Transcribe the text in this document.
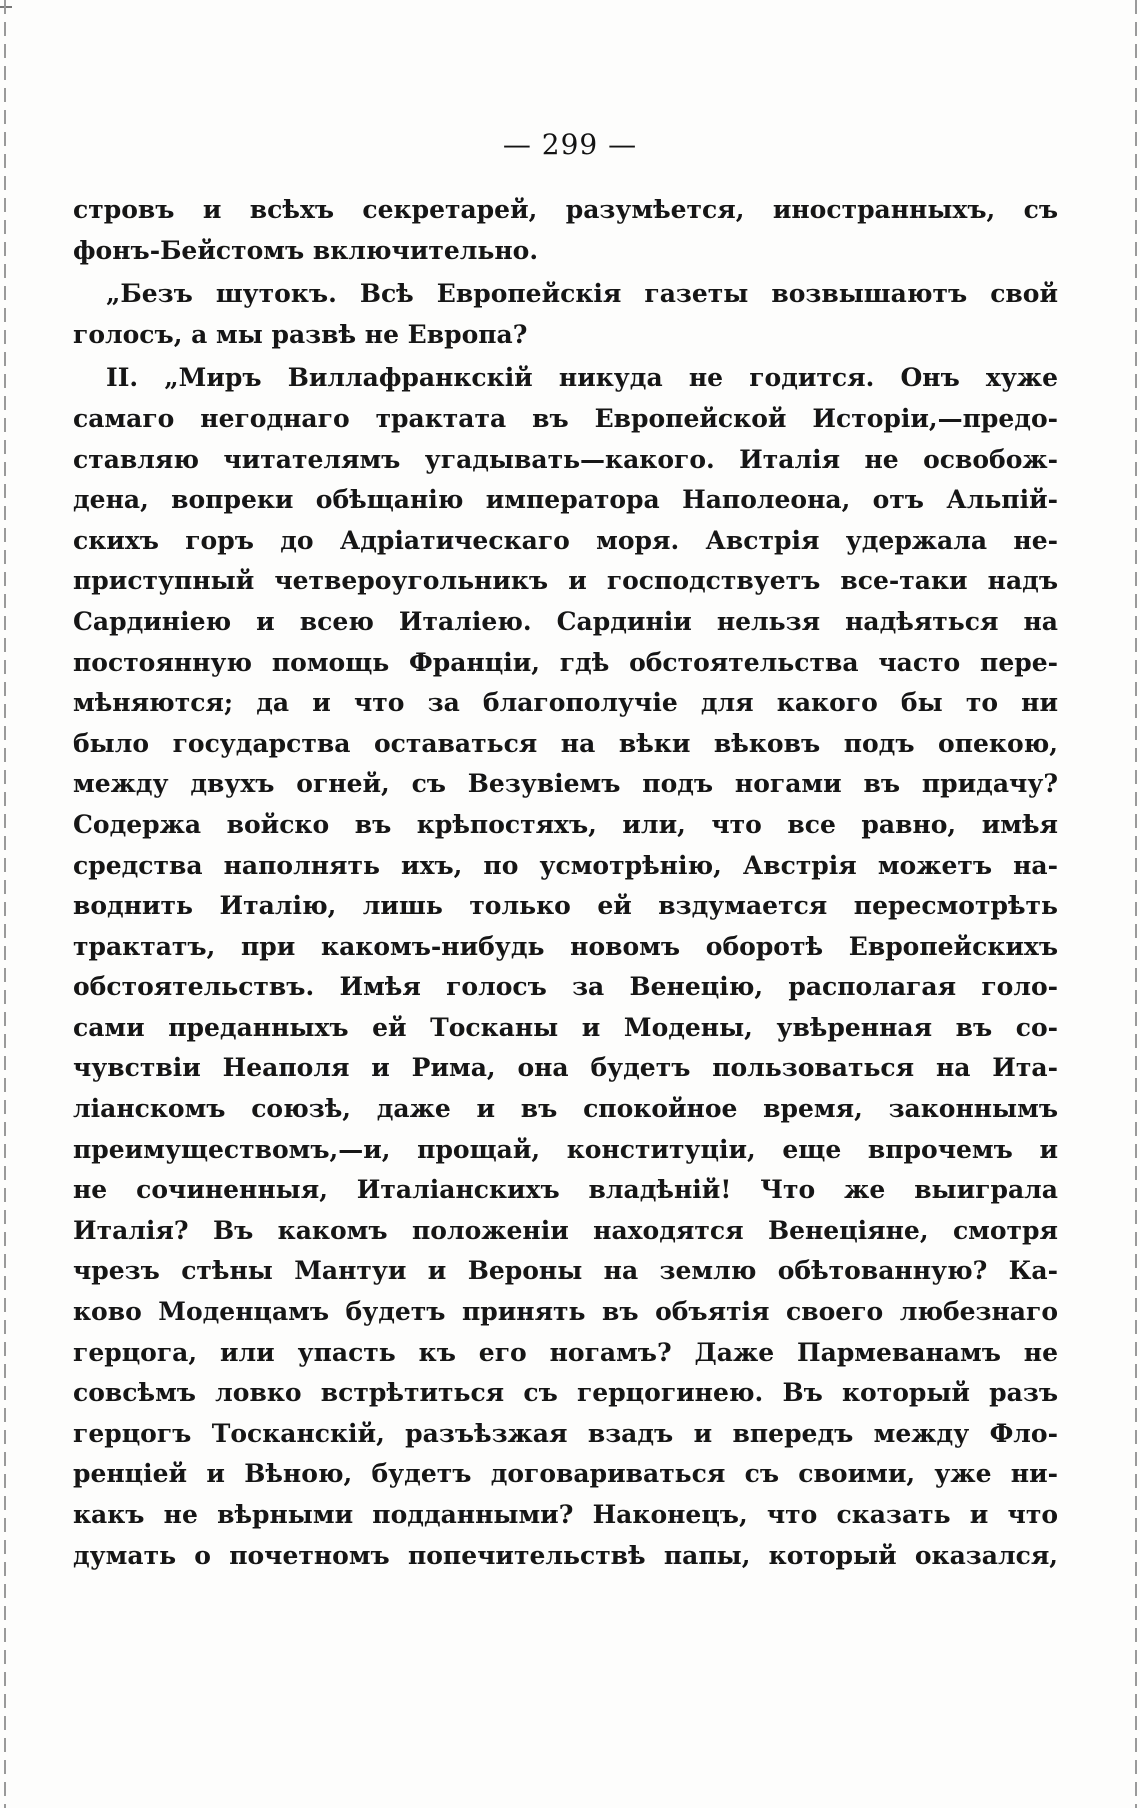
— 299 —
стровъ и всѣхъ секретарей, разумѣется, иностранныхъ, съ
фонъ-Бейстомъ включительно.
„Безъ шутокъ. Всѣ Европейскія газеты возвышаютъ свой
голосъ, а мы развѣ не Европа?
II. „Миръ Виллафранкскій никуда не годится. Онъ хуже
самаго негоднаго трактата въ Европейской Исторіи,—предо-
ставляю читателямъ угадывать—какого. Италія не освобож-
дена, вопреки обѣщанію императора Наполеона, отъ Альпій-
скихъ горъ до Адріатическаго моря. Австрія удержала не-
приступный четвероугольникъ и господствуетъ все-таки надъ
Сардиніею и всею Италіею. Сардиніи нельзя надѣяться на
постоянную помощь Франціи, гдѣ обстоятельства часто пере-
мѣняются; да и что за благополучіе для какого бы то ни
было государства оставаться на вѣки вѣковъ подъ опекою,
между двухъ огней, съ Везувіемъ подъ ногами въ придачу?
Содержа войско въ крѣпостяхъ, или, что все равно, имѣя
средства наполнять ихъ, по усмотрѣнію, Австрія можетъ на-
воднить Италію, лишь только ей вздумается пересмотрѣть
трактатъ, при какомъ-нибудь новомъ оборотѣ Европейскихъ
обстоятельствъ. Имѣя голосъ за Венецію, располагая голо-
сами преданныхъ ей Тосканы и Модены, увѣренная въ со-
чувствіи Неаполя и Рима, она будетъ пользоваться на Ита-
ліанскомъ союзѣ, даже и въ спокойное время, законнымъ
преимуществомъ,—и, прощай, конституціи, еще впрочемъ и
не сочиненныя, Италіанскихъ владѣній! Что же выиграла
Италія? Въ какомъ положеніи находятся Венеціяне, смотря
чрезъ стѣны Мантуи и Вероны на землю обѣтованную? Ка-
ково Моденцамъ будетъ принять въ объятія своего любезнаго
герцога, или упасть къ его ногамъ? Даже Пармеванамъ не
совсѣмъ ловко встрѣтиться съ герцогинею. Въ который разъ
герцогъ Тосканскій, разъѣзжая взадъ и впередъ между Фло-
ренціей и Вѣною, будетъ договариваться съ своими, уже ни-
какъ не вѣрными подданными? Наконецъ, что сказать и что
думать о почетномъ попечительствѣ папы, который оказался,
